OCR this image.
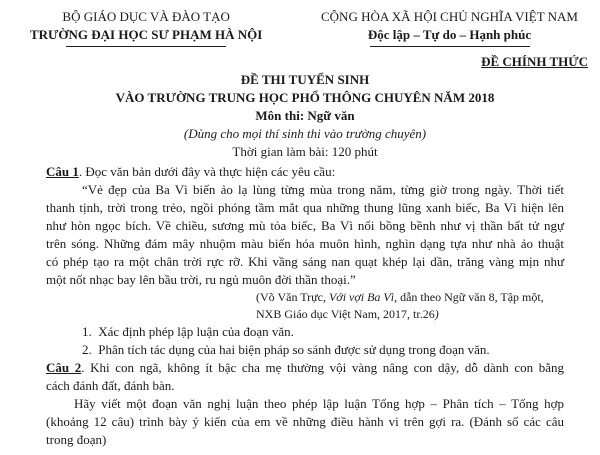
BỘ GIÁO DỤC VÀ ĐÀO TẠO
TRƯỜNG ĐẠI HỌC SƯ PHẠM HÀ NỘI
CỘNG HÒA XÃ HỘI CHỦ NGHĨA VIỆT NAM
Độc lập – Tự do – Hạnh phúc
ĐỀ CHÍNH THỨC
ĐỀ THI TUYỂN SINH
VÀO TRƯỜNG TRUNG HỌC PHỔ THÔNG CHUYÊN NĂM 2018
Môn thi: Ngữ văn
(Dùng cho mọi thí sinh thi vào trường chuyên)
Thời gian làm bài: 120 phút
Câu 1. Đọc văn bản dưới đây và thực hiện các yêu cầu:
“Vẻ đẹp của Ba Vì biến ảo lạ lùng từng mùa trong năm, từng giờ trong ngày. Thời tiết
thanh tịnh, trời trong trẻo, ngồi phóng tầm mắt qua những thung lũng xanh biếc, Ba Vì hiện lên
như hòn ngọc bích. Về chiều, sương mù tỏa biếc, Ba Vì nổi bồng bềnh như vị thần bất tử ngự
trên sóng. Những đám mây nhuộm màu biến hóa muôn hình, nghìn dạng tựa như nhà ảo thuật
có phép tạo ra một chân trời rực rỡ. Khi vầng sáng nan quạt khép lại dần, trăng vàng mịn như
một nốt nhạc bay lên bầu trời, ru ngủ muôn đời thần thoại.”
(Võ Văn Trực, Với vợi Ba Vì, dẫn theo Ngữ văn 8, Tập một,
NXB Giáo dục Việt Nam, 2017, tr.26)
1. Xác định phép lập luận của đoạn văn.
2. Phân tích tác dụng của hai biện pháp so sánh được sử dụng trong đoạn văn.
Câu 2. Khi con ngã, không ít bậc cha mẹ thường vội vàng nâng con dậy, dỗ dành con bằng
cách đánh đất, đánh bàn.
Hãy viết một đoạn văn nghị luận theo phép lập luận Tổng hợp – Phân tích – Tổng hợp
(khoảng 12 câu) trình bày ý kiến của em về những điều hành vi trên gợi ra. (Đánh số các câu
trong đoạn)
